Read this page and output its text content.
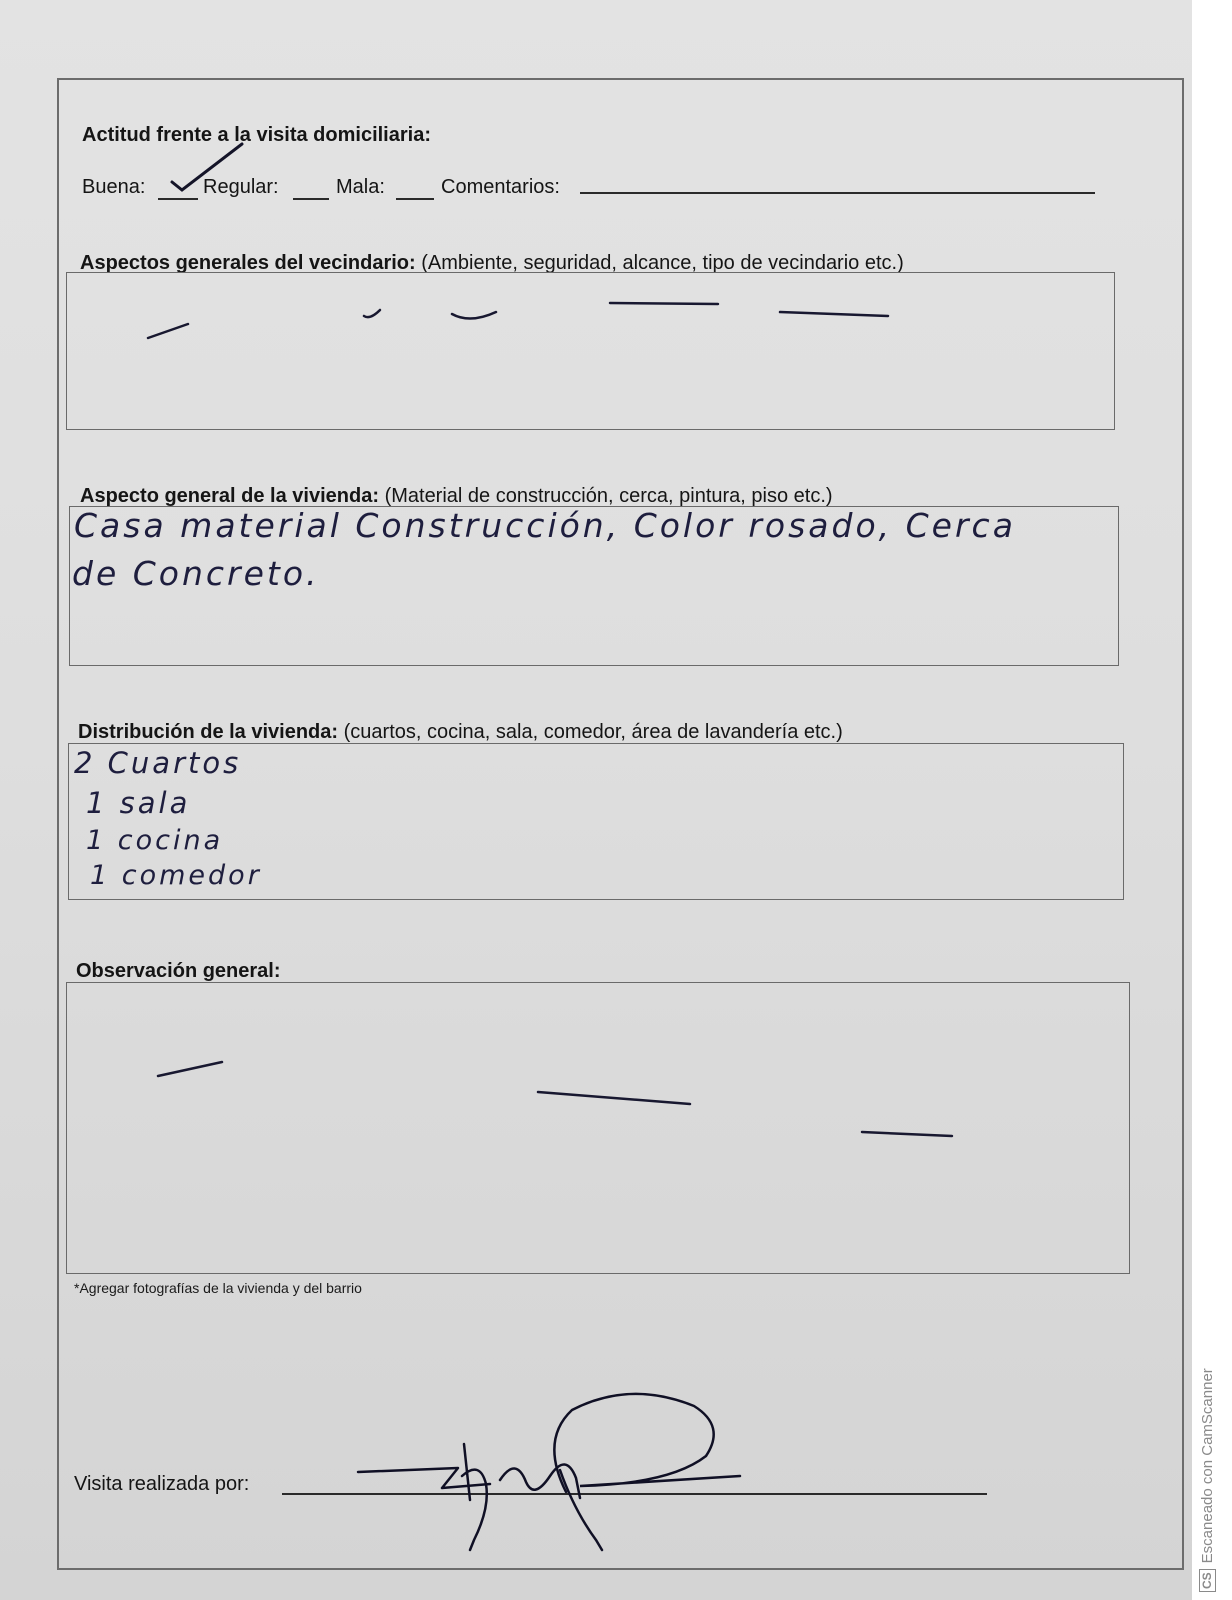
Actitud frente a la visita domiciliaria:
Buena:	Regular:	Mala:	Comentarios:
Aspectos generales del vecindario: (Ambiente, seguridad, alcance, tipo de vecindario etc.)
Aspecto general de la vivienda: (Material de construcción, cerca, pintura, piso etc.)
Casa material Construcción, Color rosado, Cerca
de Concreto.
Distribución de la vivienda: (cuartos, cocina, sala, comedor, área de lavandería etc.)
2 Cuartos
1 sala
1 cocina
1 comedor
Observación general:
*Agregar fotografías de la vivienda y del barrio
Visita realizada por:
CS
Escaneado con CamScanner
